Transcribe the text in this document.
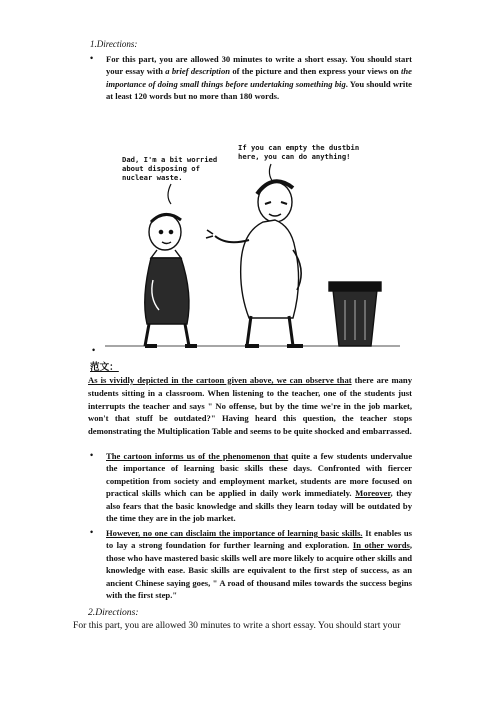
1.Directions:
• For this part, you are allowed 30 minutes to write a short essay. You should start your essay with a brief description of the picture and then express your views on the importance of doing small things before undertaking something big. You should write at least 120 words but no more than 180 words.
Dad, I'm a bit worried
about disposing of
nuclear waste.
If you can empty the dustbin
here, you can do anything!
•
范文：
As is vividly depicted in the cartoon given above, we can observe that there are many students sitting in a classroom. When listening to the teacher, one of the students just interrupts the teacher and says " No offense, but by the time we're in the job market, won't that stuff be outdated?" Having heard this question, the teacher stops demonstrating the Multiplication Table and seems to be quite shocked and embarrassed.
• The cartoon informs us of the phenomenon that quite a few students undervalue the importance of learning basic skills these days. Confronted with fiercer competition from society and employment market, students are more focused on practical skills which can be applied in daily work immediately. Moreover, they also fears that the basic knowledge and skills they learn today will be outdated by the time they are in the job market.
• However, no one can disclaim the importance of learning basic skills. It enables us to lay a strong foundation for further learning and exploration. In other words, those who have mastered basic skills well are more likely to acquire other skills and knowledge with ease. Basic skills are equivalent to the first step of success, as an ancient Chinese saying goes, " A road of thousand miles towards the success begins with the first step."
2.Directions:
For this part, you are allowed 30 minutes to write a short essay. You should start your
